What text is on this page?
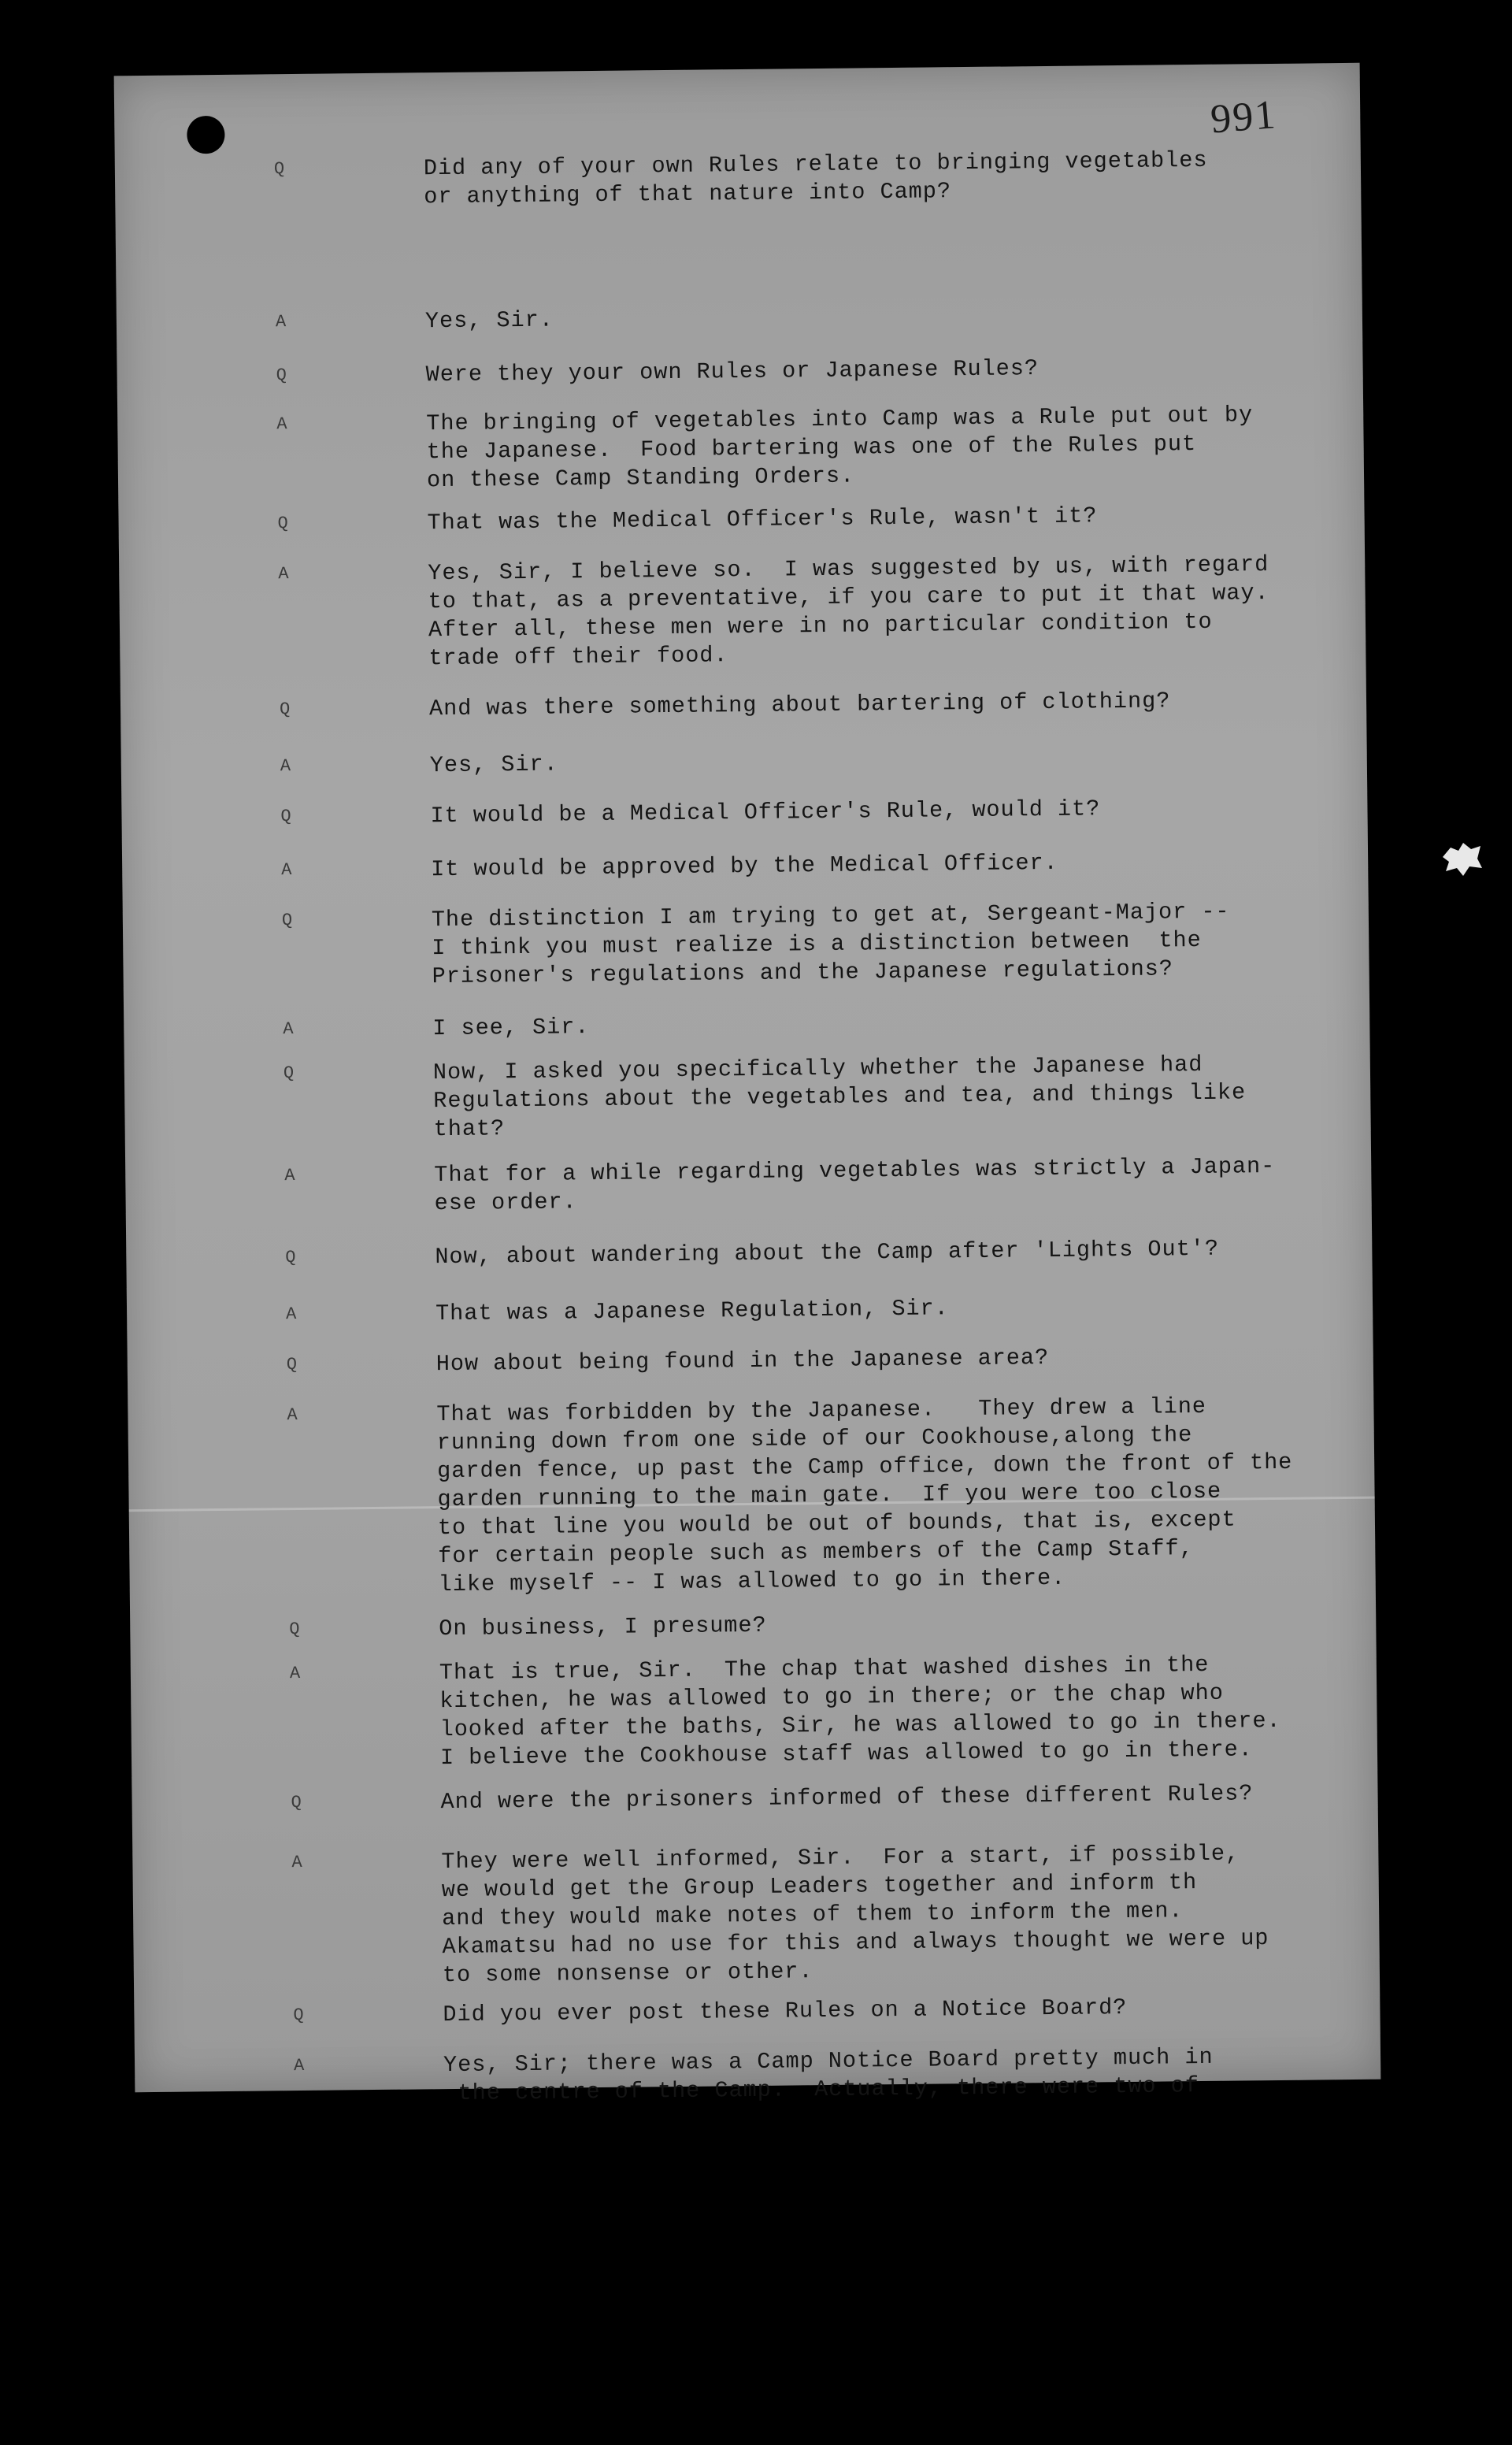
991
Q	Did any of your own Rules relate to bringing vegetables
or anything of that nature into Camp?
A	Yes, Sir.
Q	Were they your own Rules or Japanese Rules?
A	The bringing of vegetables into Camp was a Rule put out by
the Japanese.  Food bartering was one of the Rules put
on these Camp Standing Orders.
Q	That was the Medical Officer's Rule, wasn't it?
A	Yes, Sir, I believe so.  I was suggested by us, with regard
to that, as a preventative, if you care to put it that way.
After all, these men were in no particular condition to
trade off their food.
Q	And was there something about bartering of clothing?
A	Yes, Sir.
Q	It would be a Medical Officer's Rule, would it?
A	It would be approved by the Medical Officer.
Q	The distinction I am trying to get at, Sergeant-Major --
I think you must realize is a distinction between  the
Prisoner's regulations and the Japanese regulations?
A	I see, Sir.
Q	Now, I asked you specifically whether the Japanese had
Regulations about the vegetables and tea, and things like
that?
A	That for a while regarding vegetables was strictly a Japan-
ese order.
Q	Now, about wandering about the Camp after 'Lights Out'?
A	That was a Japanese Regulation, Sir.
Q	How about being found in the Japanese area?
A	That was forbidden by the Japanese.   They drew a line
running down from one side of our Cookhouse,along the
garden fence, up past the Camp office, down the front of the
garden running to the main gate.  If you were too close
to that line you would be out of bounds, that is, except
for certain people such as members of the Camp Staff,
like myself -- I was allowed to go in there.
Q	On business, I presume?
A	That is true, Sir.  The chap that washed dishes in the
kitchen, he was allowed to go in there; or the chap who
looked after the baths, Sir, he was allowed to go in there.
I believe the Cookhouse staff was allowed to go in there.
Q	And were the prisoners informed of these different Rules?
A	They were well informed, Sir.  For a start, if possible,
we would get the Group Leaders together and inform th
and they would make notes of them to inform the men.
Akamatsu had no use for this and always thought we were up
to some nonsense or other.
Q	Did you ever post these Rules on a Notice Board?
A	Yes, Sir; there was a Camp Notice Board pretty much in
the centre of the Camp.  Actually, there were two of
